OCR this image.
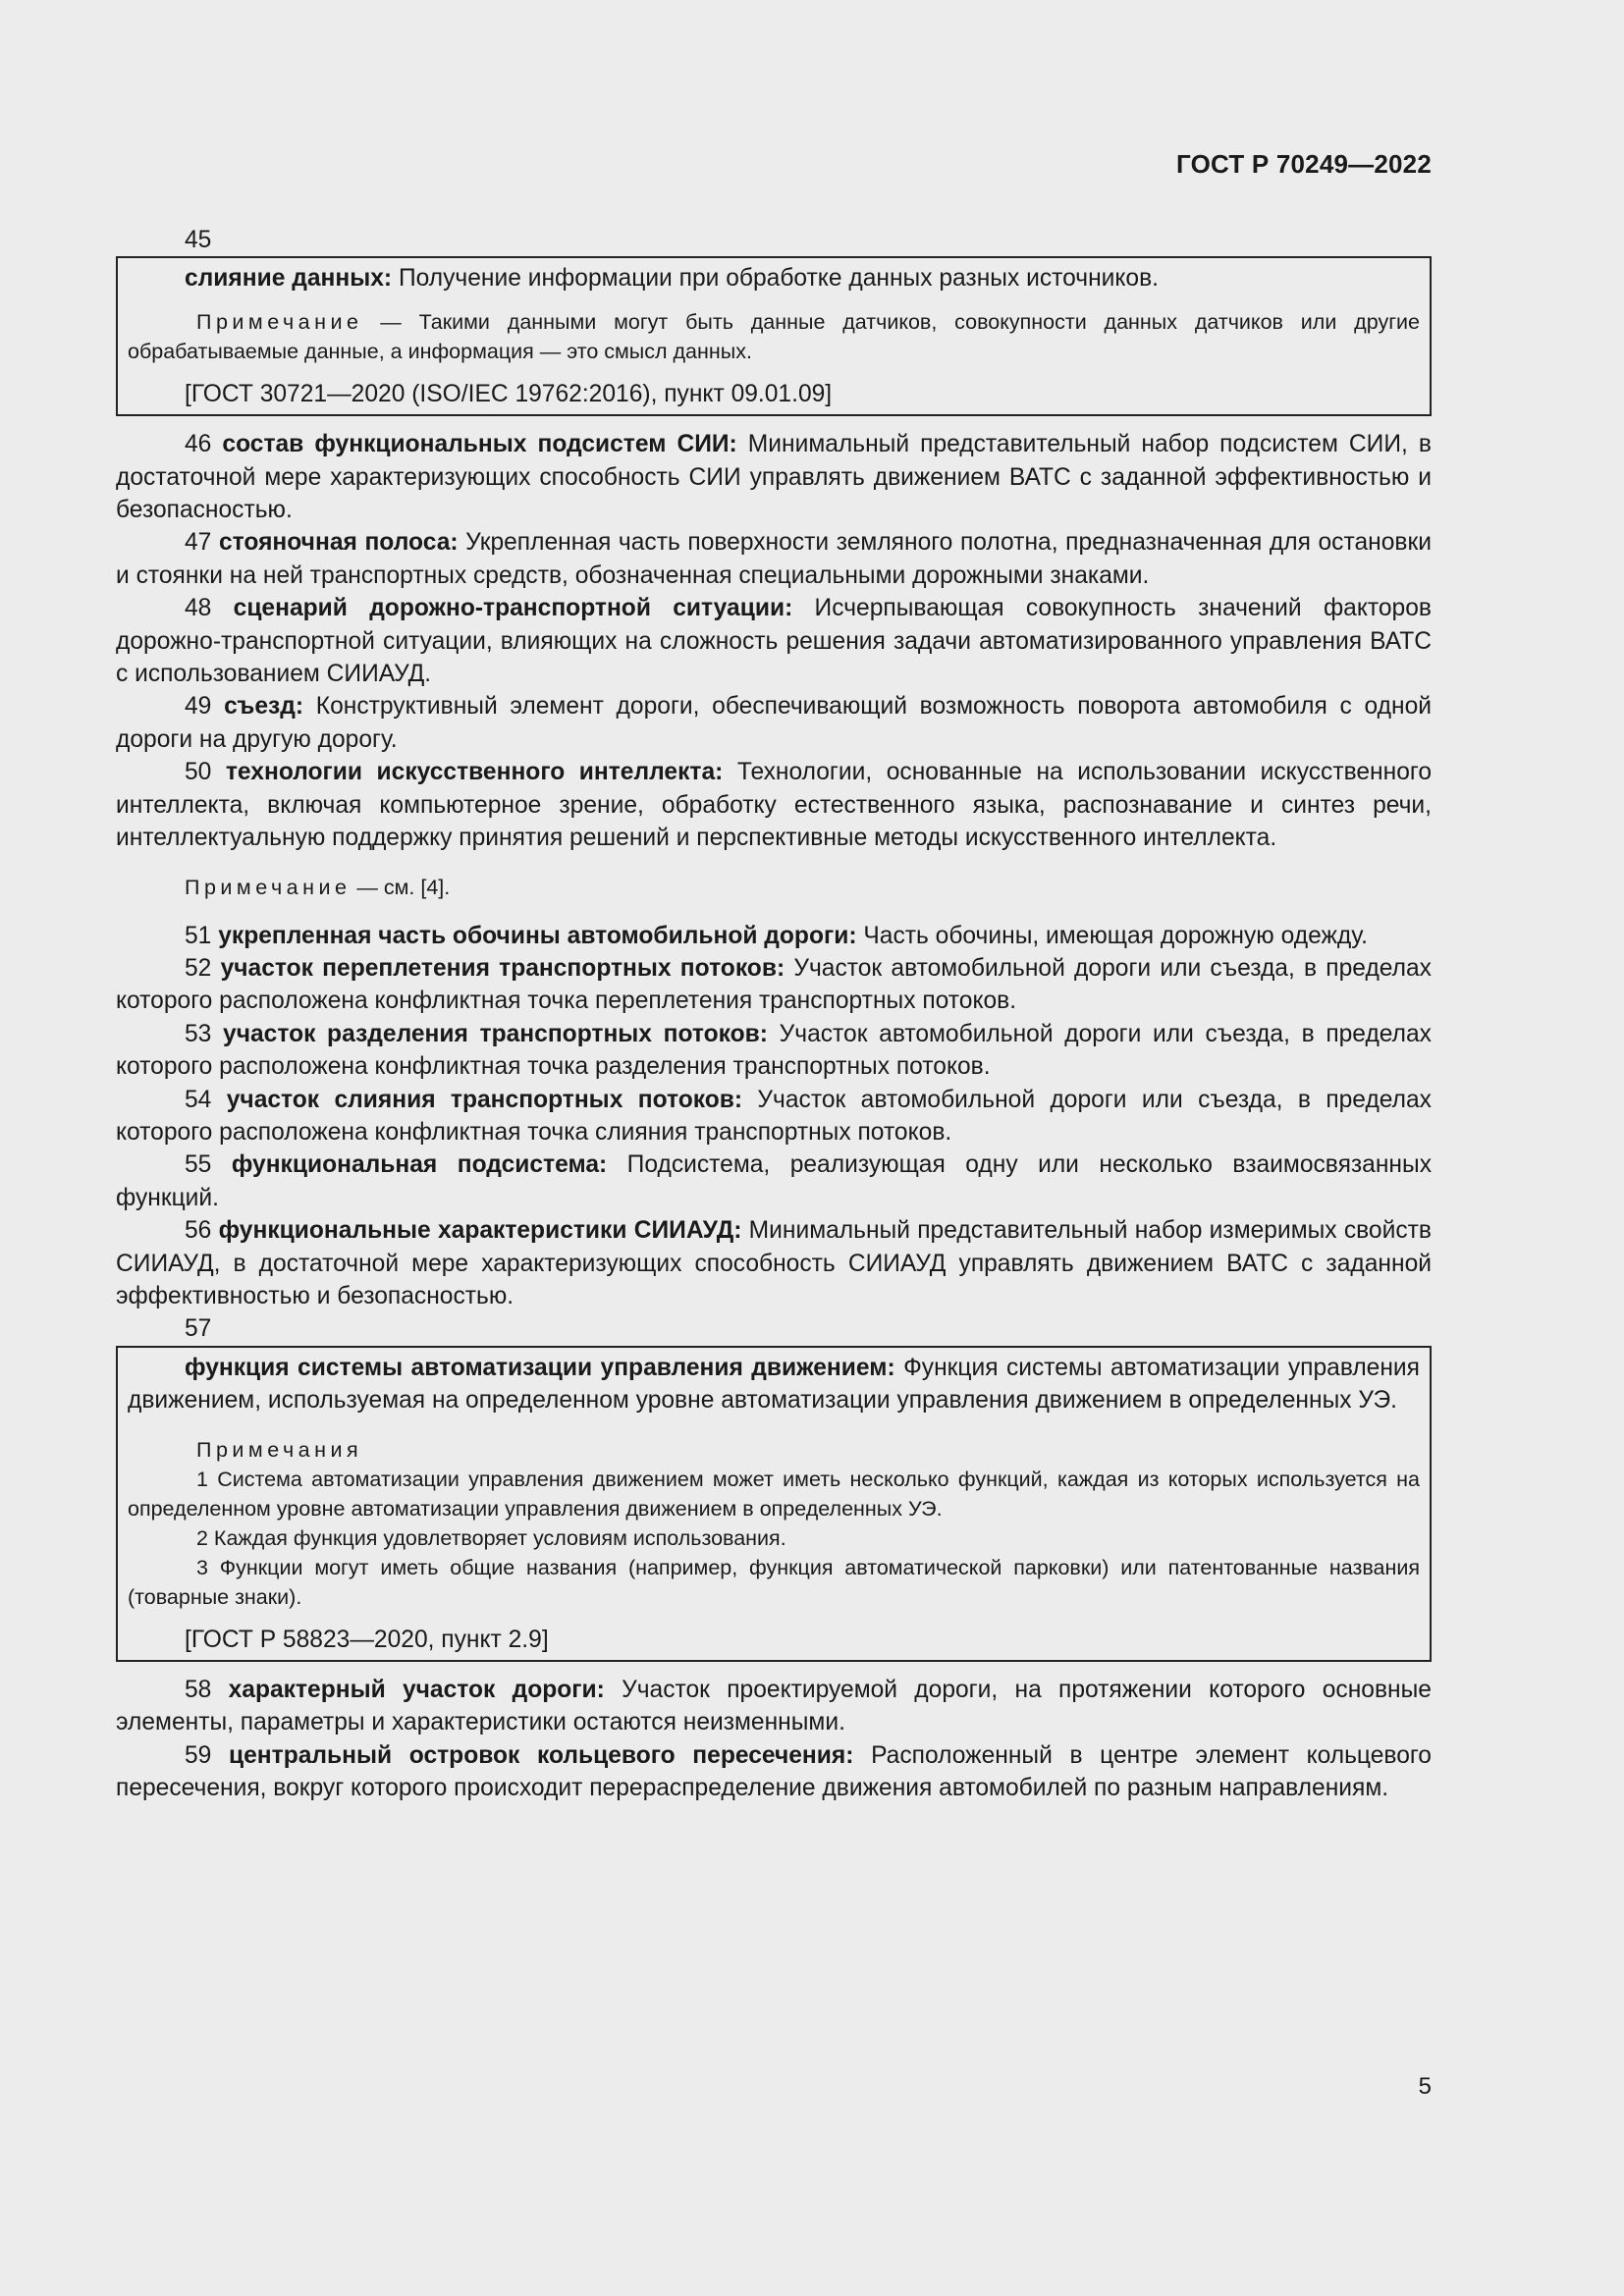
ГОСТ Р 70249—2022
45

слияние данных: Получение информации при обработке данных разных источников.

Примечание — Такими данными могут быть данные датчиков, совокупности данных датчиков или другие обрабатываемые данные, а информация — это смысл данных.

[ГОСТ 30721—2020 (ISO/IEC 19762:2016), пункт 09.01.09]

46 состав функциональных подсистем СИИ: Минимальный представительный набор подсистем СИИ, в достаточной мере характеризующих способность СИИ управлять движением ВАТС с заданной эффективностью и безопасностью.

47 стояночная полоса: Укрепленная часть поверхности земляного полотна, предназначенная для остановки и стоянки на ней транспортных средств, обозначенная специальными дорожными знаками.

48 сценарий дорожно-транспортной ситуации: Исчерпывающая совокупность значений факторов дорожно-транспортной ситуации, влияющих на сложность решения задачи автоматизированного управления ВАТС с использованием СИИАУД.

49 съезд: Конструктивный элемент дороги, обеспечивающий возможность поворота автомобиля с одной дороги на другую дорогу.

50 технологии искусственного интеллекта: Технологии, основанные на использовании искусственного интеллекта, включая компьютерное зрение, обработку естественного языка, распознавание и синтез речи, интеллектуальную поддержку принятия решений и перспективные методы искусственного интеллекта.

Примечание — см. [4].

51 укрепленная часть обочины автомобильной дороги: Часть обочины, имеющая дорожную одежду.

52 участок переплетения транспортных потоков: Участок автомобильной дороги или съезда, в пределах которого расположена конфликтная точка переплетения транспортных потоков.

53 участок разделения транспортных потоков: Участок автомобильной дороги или съезда, в пределах которого расположена конфликтная точка разделения транспортных потоков.

54 участок слияния транспортных потоков: Участок автомобильной дороги или съезда, в пределах которого расположена конфликтная точка слияния транспортных потоков.

55 функциональная подсистема: Подсистема, реализующая одну или несколько взаимосвязанных функций.

56 функциональные характеристики СИИАУД: Минимальный представительный набор измеримых свойств СИИАУД, в достаточной мере характеризующих способность СИИАУД управлять движением ВАТС с заданной эффективностью и безопасностью.

57

функция системы автоматизации управления движением: Функция системы автоматизации управления движением, используемая на определенном уровне автоматизации управления движением в определенных УЭ.

Примечания

1 Система автоматизации управления движением может иметь несколько функций, каждая из которых используется на определенном уровне автоматизации управления движением в определенных УЭ.

2 Каждая функция удовлетворяет условиям использования.

3 Функции могут иметь общие названия (например, функция автоматической парковки) или патентованные названия (товарные знаки).

[ГОСТ Р 58823—2020, пункт 2.9]

58 характерный участок дороги: Участок проектируемой дороги, на протяжении которого основные элементы, параметры и характеристики остаются неизменными.

59 центральный островок кольцевого пересечения: Расположенный в центре элемент кольцевого пересечения, вокруг которого происходит перераспределение движения автомобилей по разным направлениям.

5
